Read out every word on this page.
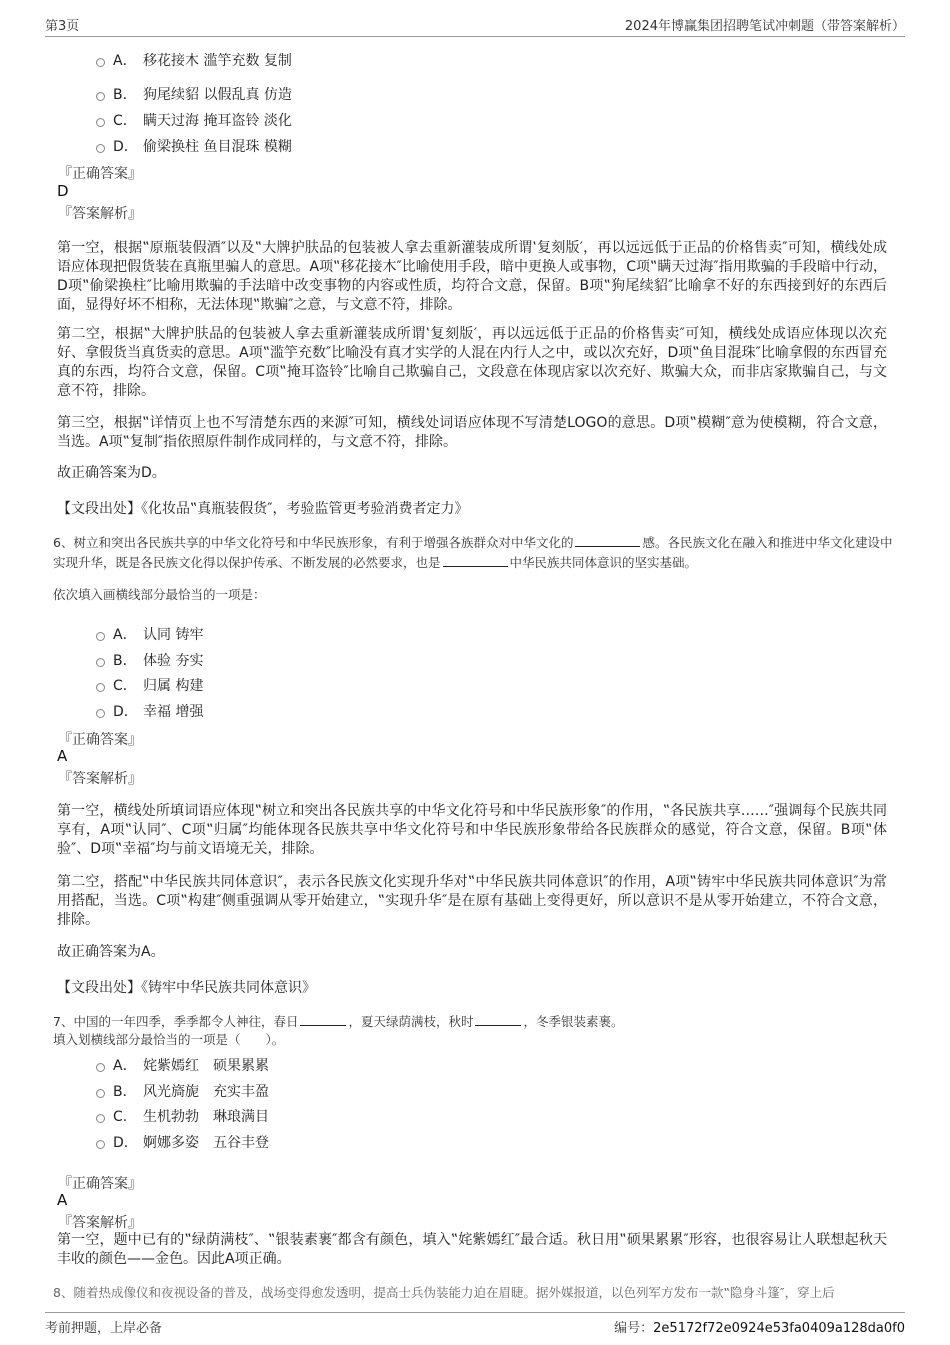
第3页	2024年博赢集团招聘笔试冲刺题（带答案解析）
A． 移花接木 滥竽充数 复制
B． 狗尾续貂 以假乱真 仿造
C． 瞒天过海 掩耳盗铃 淡化
D． 偷梁换柱 鱼目混珠 模糊
『正确答案』
D
『答案解析』
第一空，根据‟原瓶装假酒″以及‟大牌护肤品的包装被人拿去重新灌装成所谓‛复刻版′，再以远远低于正品的价格售卖″可知，横线处成语应体现把假货装在真瓶里骗人的意思。A项‟移花接木″比喻使用手段，暗中更换人或事物，C项‟瞒天过海″指用欺骗的手段暗中行动，D项‟偷梁换柱″比喻用欺骗的手法暗中改变事物的内容或性质，均符合文意，保留。B项‟狗尾续貂″比喻拿不好的东西接到好的东西后面，显得好坏不相称，无法体现‟欺骗″之意，与文意不符，排除。
第二空，根据‟大牌护肤品的包装被人拿去重新灌装成所谓‛复刻版′，再以远远低于正品的价格售卖″可知，横线处成语应体现以次充好、拿假货当真货卖的意思。A项‟滥竽充数″比喻没有真才实学的人混在内行人之中，或以次充好，D项‟鱼目混珠″比喻拿假的东西冒充真的东西，均符合文意，保留。C项‟掩耳盗铃″比喻自己欺骗自己，文段意在体现店家以次充好、欺骗大众，而非店家欺骗自己，与文意不符，排除。
第三空，根据‟详情页上也不写清楚东西的来源″可知，横线处词语应体现不写清楚LOGO的意思。D项‟模糊″意为使模糊，符合文意，当选。A项‟复制″指依照原件制作成同样的，与文意不符，排除。
故正确答案为D。
【文段出处】《化妆品‟真瓶装假货″，考验监管更考验消费者定力》
6、树立和突出各民族共享的中华文化符号和中华民族形象，有利于增强各族群众对中华文化的	感。各民族文化在融入和推进中华文化建设中实现升华，既是各民族文化得以保护传承、不断发展的必然要求，也是	中华民族共同体意识的坚实基础。
依次填入画横线部分最恰当的一项是：
A． 认同 铸牢
B． 体验 夯实
C． 归属 构建
D． 幸福 增强
『正确答案』
A
『答案解析』
第一空，横线处所填词语应体现‟树立和突出各民族共享的中华文化符号和中华民族形象″的作用，‟各民族共享……″强调每个民族共同享有，A项‟认同″、C项‟归属″均能体现各民族共享中华文化符号和中华民族形象带给各民族群众的感觉，符合文意，保留。B项‟体验″、D项‟幸福″均与前文语境无关，排除。
第二空，搭配‟中华民族共同体意识″，表示各民族文化实现升华对‟中华民族共同体意识″的作用，A项‟铸牢中华民族共同体意识″为常用搭配，当选。C项‟构建″侧重强调从零开始建立，‟实现升华″是在原有基础上变得更好，所以意识不是从零开始建立，不符合文意，排除。
故正确答案为A。
【文段出处】《铸牢中华民族共同体意识》
7、中国的一年四季，季季都令人神往，春日	，夏天绿荫满枝，秋时	，冬季银装素裹。
填入划横线部分最恰当的一项是（　　）。
A． 姹紫嫣红　硕果累累
B． 风光旖旎　充实丰盈
C． 生机勃勃　琳琅满目
D． 婀娜多姿　五谷丰登
『正确答案』
A
『答案解析』
第一空，题中已有的‟绿荫满枝″、‟银装素裹″都含有颜色，填入‟姹紫嫣红″最合适。秋日用‟硕果累累″形容，也很容易让人联想起秋天丰收的颜色——金色。因此A项正确。
8、随着热成像仪和夜视设备的普及，战场变得愈发透明，提高士兵伪装能力迫在眉睫。据外媒报道，以色列军方发布一款‟隐身斗篷″，穿上后
考前押题，上岸必备	编号：2e5172f72e0924e53fa0409a128da0f0
